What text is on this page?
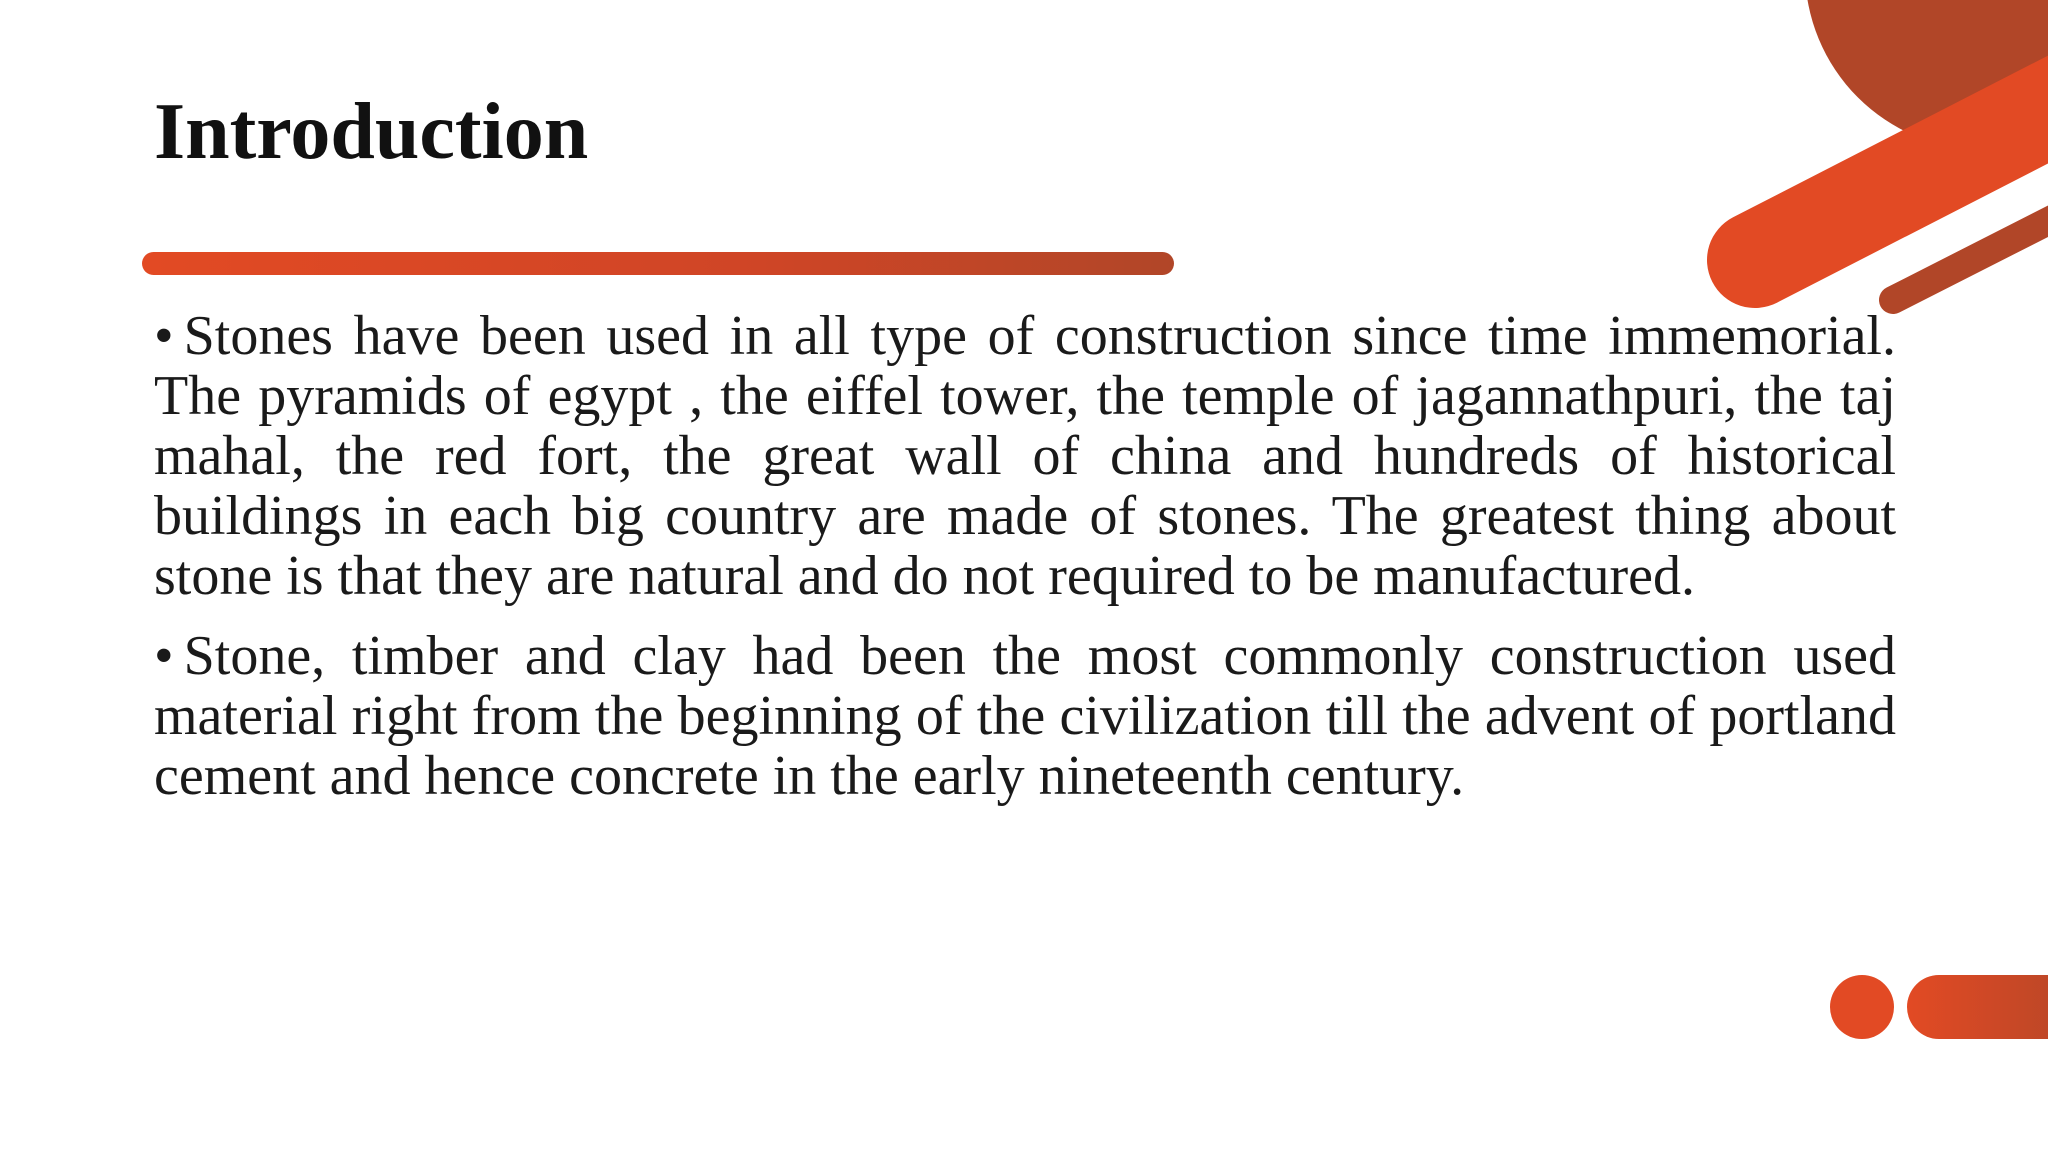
Introduction
• Stones have been used in all type of construction since time immemorial. The pyramids of egypt , the eiffel tower, the temple of jagannathpuri, the taj mahal, the red fort, the great wall of china and hundreds of historical buildings in each big country are made of stones. The greatest thing about stone is that they are natural and do not required to be manufactured.
• Stone, timber and clay had been the most commonly construction used material right from the beginning of the civilization till the advent of portland cement and hence concrete in the early nineteenth century.
